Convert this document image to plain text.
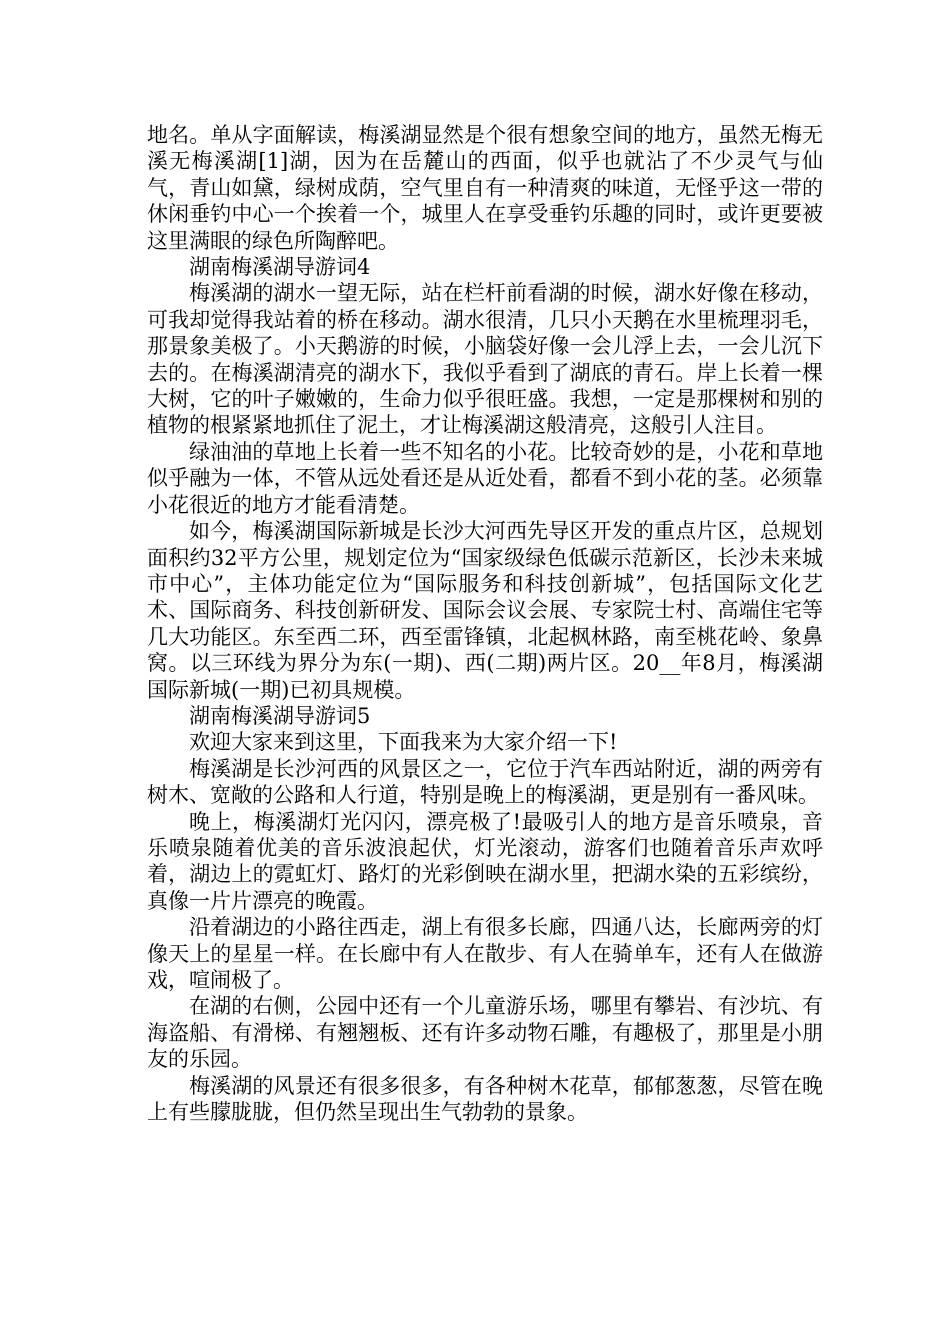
地名。单从字面解读，梅溪湖显然是个很有想象空间的地方，虽然无梅无溪无梅溪湖[1]湖，因为在岳麓山的西面，似乎也就沾了不少灵气与仙气，青山如黛，绿树成荫，空气里自有一种清爽的味道，无怪乎这一带的休闲垂钓中心一个挨着一个，城里人在享受垂钓乐趣的同时，或许更要被这里满眼的绿色所陶醉吧。

湖南梅溪湖导游词4

梅溪湖的湖水一望无际，站在栏杆前看湖的时候，湖水好像在移动，可我却觉得我站着的桥在移动。湖水很清，几只小天鹅在水里梳理羽毛，那景象美极了。小天鹅游的时候，小脑袋好像一会儿浮上去，一会儿沉下去的。在梅溪湖清亮的湖水下，我似乎看到了湖底的青石。岸上长着一棵大树，它的叶子嫩嫩的，生命力似乎很旺盛。我想，一定是那棵树和别的植物的根紧紧地抓住了泥土，才让梅溪湖这般清亮，这般引人注目。

绿油油的草地上长着一些不知名的小花。比较奇妙的是，小花和草地似乎融为一体，不管从远处看还是从近处看，都看不到小花的茎。必须靠小花很近的地方才能看清楚。

如今，梅溪湖国际新城是长沙大河西先导区开发的重点片区，总规划面积约32平方公里，规划定位为“国家级绿色低碳示范新区，长沙未来城市中心”，主体功能定位为“国际服务和科技创新城”，包括国际文化艺术、国际商务、科技创新研发、国际会议会展、专家院士村、高端住宅等几大功能区。东至西二环，西至雷锋镇，北起枫林路，南至桃花岭、象鼻窝。以三环线为界分为东(一期)、西(二期)两片区。20__年8月，梅溪湖国际新城(一期)已初具规模。

湖南梅溪湖导游词5

欢迎大家来到这里，下面我来为大家介绍一下!

梅溪湖是长沙河西的风景区之一，它位于汽车西站附近，湖的两旁有树木、宽敞的公路和人行道，特别是晚上的梅溪湖，更是别有一番风味。

晚上，梅溪湖灯光闪闪，漂亮极了!最吸引人的地方是音乐喷泉，音乐喷泉随着优美的音乐波浪起伏，灯光滚动，游客们也随着音乐声欢呼着，湖边上的霓虹灯、路灯的光彩倒映在湖水里，把湖水染的五彩缤纷，真像一片片漂亮的晚霞。

沿着湖边的小路往西走，湖上有很多长廊，四通八达，长廊两旁的灯像天上的星星一样。在长廊中有人在散步、有人在骑单车，还有人在做游戏，喧闹极了。

在湖的右侧，公园中还有一个儿童游乐场，哪里有攀岩、有沙坑、有海盗船、有滑梯、有翘翘板、还有许多动物石雕，有趣极了，那里是小朋友的乐园。

梅溪湖的风景还有很多很多，有各种树木花草，郁郁葱葱，尽管在晚上有些朦胧胧，但仍然呈现出生气勃勃的景象。
